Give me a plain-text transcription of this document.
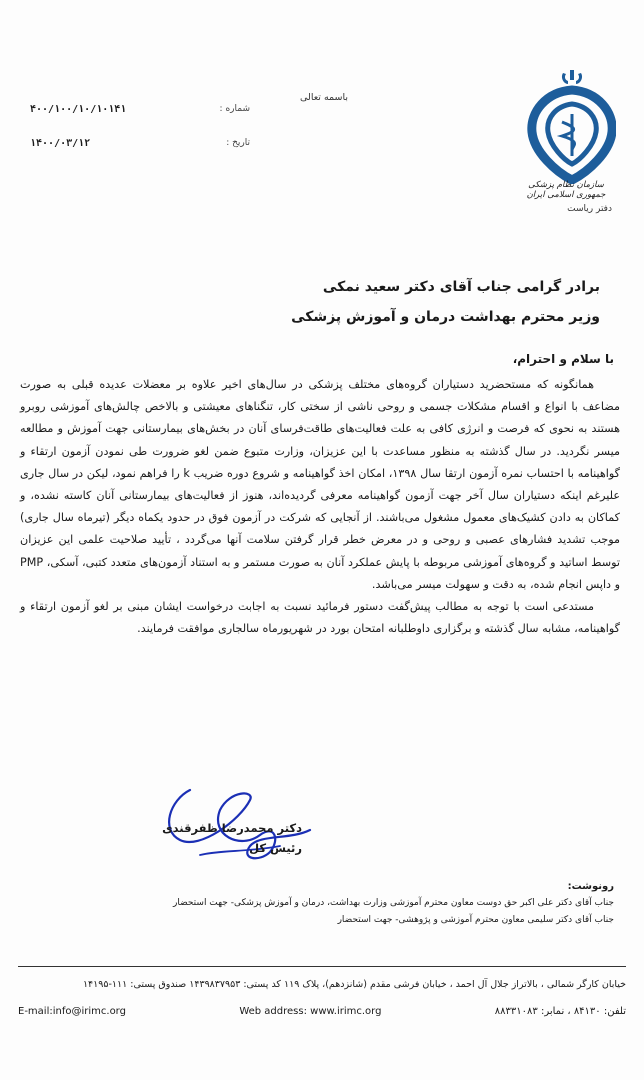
شماره :
۴۰۰/۱۰۰/۱۰/۱۰۱۴۱
تاریخ :
۱۴۰۰/۰۳/۱۲
باسمه تعالی
سازمان نظام پزشکی جمهوری اسلامی ایران
دفتر ریاست
برادر گرامی جناب آقای دکتر سعید نمکی
وزیر محترم بهداشت درمان و آموزش پزشکی
با سلام و احترام،

همانگونه که مستحضرید دستیاران گروه‌های مختلف پزشکی در سال‌های اخیر علاوه بر معضلات عدیده قبلی به صورت مضاعف با انواع و اقسام مشکلات جسمی و روحی ناشی از سختی کار، تنگناهای معیشتی و بالاخص چالش‌های آموزشی روبرو هستند به نحوی که فرصت و انرژی کافی به علت فعالیت‌های طاقت‌فرسای آنان در بخش‌های بیمارستانی جهت آموزش و مطالعه میسر نگردید. در سال گذشته به منظور مساعدت با این عزیزان، وزارت متبوع ضمن لغو ضرورت طی نمودن آزمون ارتقاء و گواهینامه با احتساب نمره آزمون ارتقا سال ۱۳۹۸، امکان اخذ گواهینامه و شروع دوره ضریب k را فراهم نمود، لیکن در سال جاری علیرغم اینکه دستیاران سال آخر جهت آزمون گواهینامه معرفی گردیده‌اند، هنوز از فعالیت‌های بیمارستانی آنان کاسته نشده، و کماکان به دادن کشیک‌های معمول مشغول می‌باشند. از آنجایی که شرکت در آزمون فوق در حدود یکماه دیگر (تیرماه سال جاری) موجب تشدید فشارهای عصبی و روحی و در معرض خطر قرار گرفتن سلامت آنها می‌گردد ، تأیید صلاحیت علمی این عزیزان توسط اساتید و گروه‌های آموزشی مربوطه با پایش عملکرد آنان به صورت مستمر و به استناد آزمون‌های متعدد کتبی، آسکی، PMP و داپس انجام شده، به دقت و سهولت میسر می‌باشد.

مستدعی است با توجه به مطالب پیش‌گفت دستور فرمائید نسبت به اجابت درخواست ایشان مبنی بر لغو آزمون ارتقاء و گواهینامه، مشابه سال گذشته و برگزاری داوطلبانه امتحان بورد در شهریورماه سالجاری موافقت فرمایند.

دکتر محمدرضا ظفرقندی
رئیس کل
رونوشت:
جناب آقای دکتر علی اکبر حق دوست معاون محترم آموزشی وزارت بهداشت، درمان و آموزش پزشکی- جهت استحضار
جناب آقای دکتر سلیمی معاون محترم آموزشی و پژوهشی- جهت استحضار
خیابان کارگر شمالی ، بالاتراز جلال آل احمد ، خیابان فرشی مقدم (شانزدهم)، پلاک ۱۱۹ کد پستی: ۱۴۳۹۸۳۷۹۵۳ صندوق پستی: ۱۱۱-۱۴۱۹۵
E-mail:info@irimc.org	Web address: www.irimc.org	تلفن: ۸۴۱۳۰ ، نمابر: ۸۸۳۳۱۰۸۳
